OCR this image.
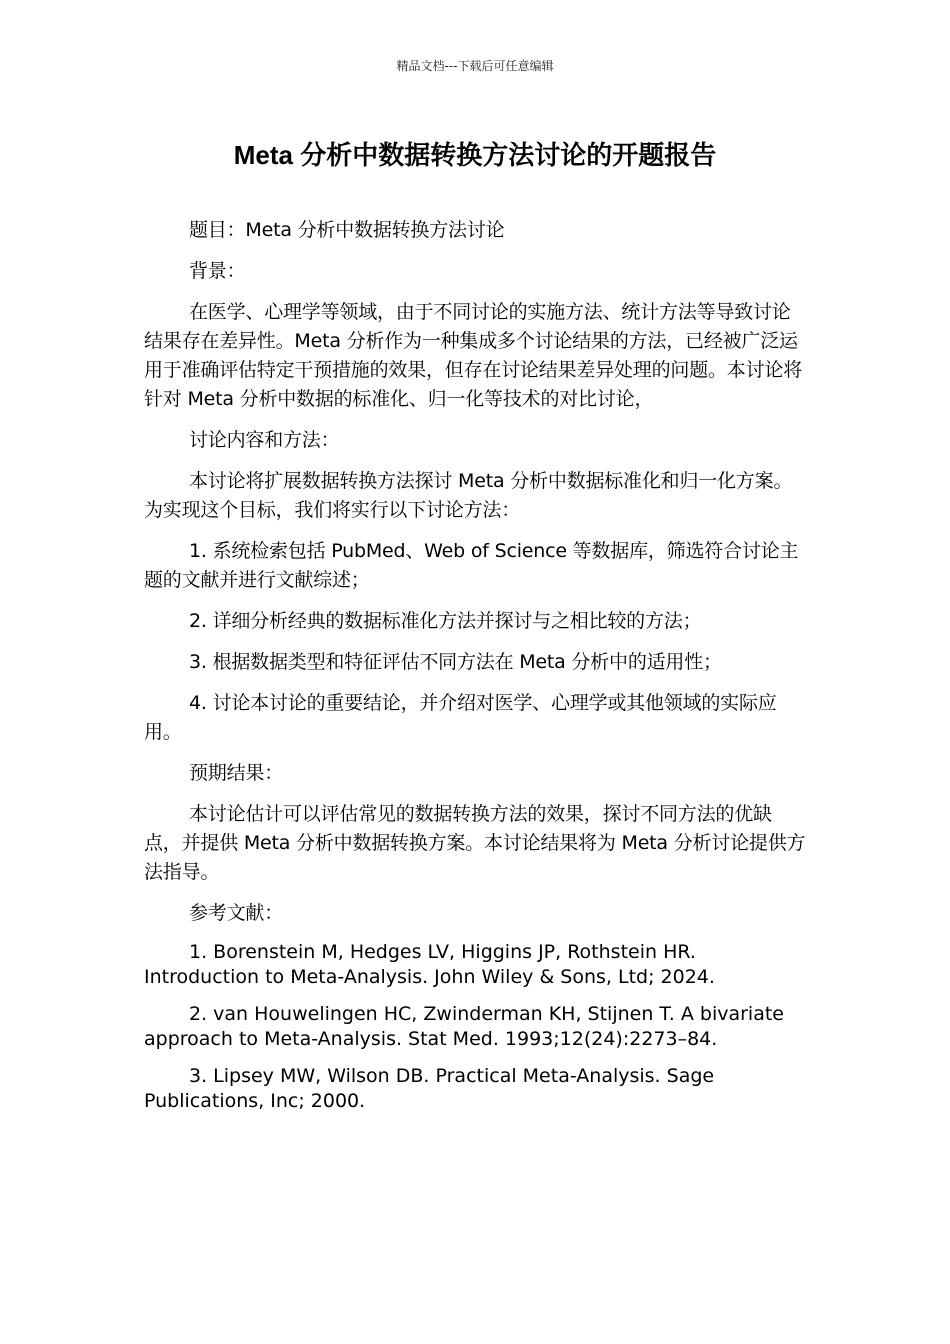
精品文档---下载后可任意编辑
Meta 分析中数据转换方法讨论的开题报告

题目：Meta 分析中数据转换方法讨论

背景：

在医学、心理学等领域，由于不同讨论的实施方法、统计方法等导致讨论结果存在差异性。Meta 分析作为一种集成多个讨论结果的方法，已经被广泛运用于准确评估特定干预措施的效果，但存在讨论结果差异处理的问题。本讨论将针对 Meta 分析中数据的标准化、归一化等技术的对比讨论，

讨论内容和方法：

本讨论将扩展数据转换方法探讨 Meta 分析中数据标准化和归一化方案。为实现这个目标，我们将实行以下讨论方法：

1. 系统检索包括 PubMed、Web of Science 等数据库，筛选符合讨论主题的文献并进行文献综述；

2. 详细分析经典的数据标准化方法并探讨与之相比较的方法；

3. 根据数据类型和特征评估不同方法在 Meta 分析中的适用性；

4. 讨论本讨论的重要结论，并介绍对医学、心理学或其他领域的实际应用。

预期结果：

本讨论估计可以评估常见的数据转换方法的效果，探讨不同方法的优缺点，并提供 Meta 分析中数据转换方案。本讨论结果将为 Meta 分析讨论提供方法指导。

参考文献：

1. Borenstein M, Hedges LV, Higgins JP, Rothstein HR. Introduction to Meta-Analysis. John Wiley & Sons, Ltd; 2024.

2. van Houwelingen HC, Zwinderman KH, Stijnen T. A bivariate approach to Meta-Analysis. Stat Med. 1993;12(24):2273–84.

3. Lipsey MW, Wilson DB. Practical Meta-Analysis. Sage Publications, Inc; 2000.
